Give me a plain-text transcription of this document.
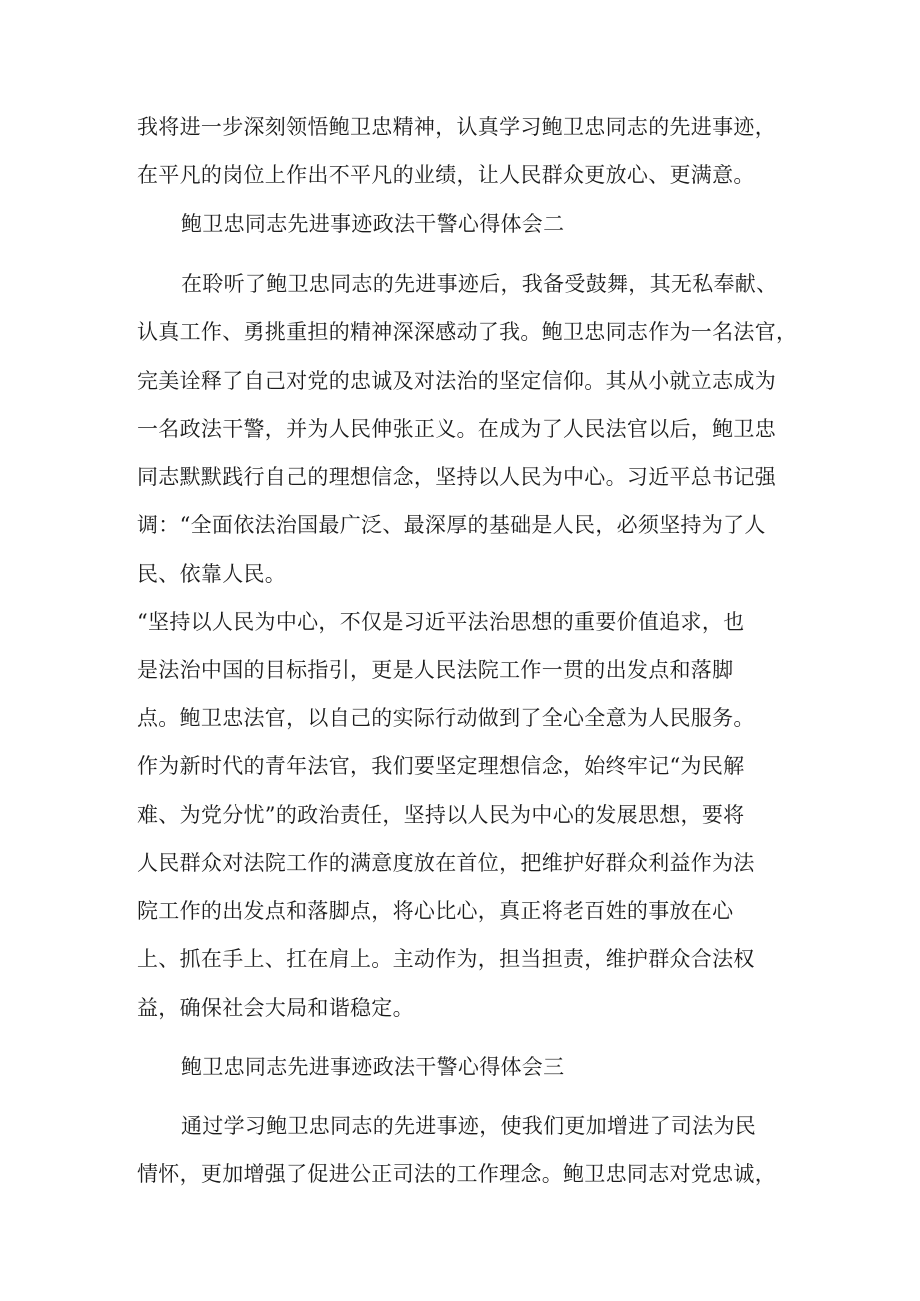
我将进一步深刻领悟鲍卫忠精神，认真学习鲍卫忠同志的先进事迹，
在平凡的岗位上作出不平凡的业绩，让人民群众更放心、更满意。
鲍卫忠同志先进事迹政法干警心得体会二
在聆听了鲍卫忠同志的先进事迹后，我备受鼓舞，其无私奉献、
认真工作、勇挑重担的精神深深感动了我。鲍卫忠同志作为一名法官，
完美诠释了自己对党的忠诚及对法治的坚定信仰。其从小就立志成为
一名政法干警，并为人民伸张正义。在成为了人民法官以后，鲍卫忠
同志默默践行自己的理想信念，坚持以人民为中心。习近平总书记强
调：“全面依法治国最广泛、最深厚的基础是人民，必须坚持为了人
民、依靠人民。
“坚持以人民为中心，不仅是习近平法治思想的重要价值追求，也
是法治中国的目标指引，更是人民法院工作一贯的出发点和落脚
点。鲍卫忠法官，以自己的实际行动做到了全心全意为人民服务。
作为新时代的青年法官，我们要坚定理想信念，始终牢记“为民解
难、为党分忧”的政治责任，坚持以人民为中心的发展思想，要将
人民群众对法院工作的满意度放在首位，把维护好群众利益作为法
院工作的出发点和落脚点，将心比心，真正将老百姓的事放在心
上、抓在手上、扛在肩上。主动作为，担当担责，维护群众合法权
益，确保社会大局和谐稳定。
鲍卫忠同志先进事迹政法干警心得体会三
通过学习鲍卫忠同志的先进事迹，使我们更加增进了司法为民
情怀，更加增强了促进公正司法的工作理念。鲍卫忠同志对党忠诚，
